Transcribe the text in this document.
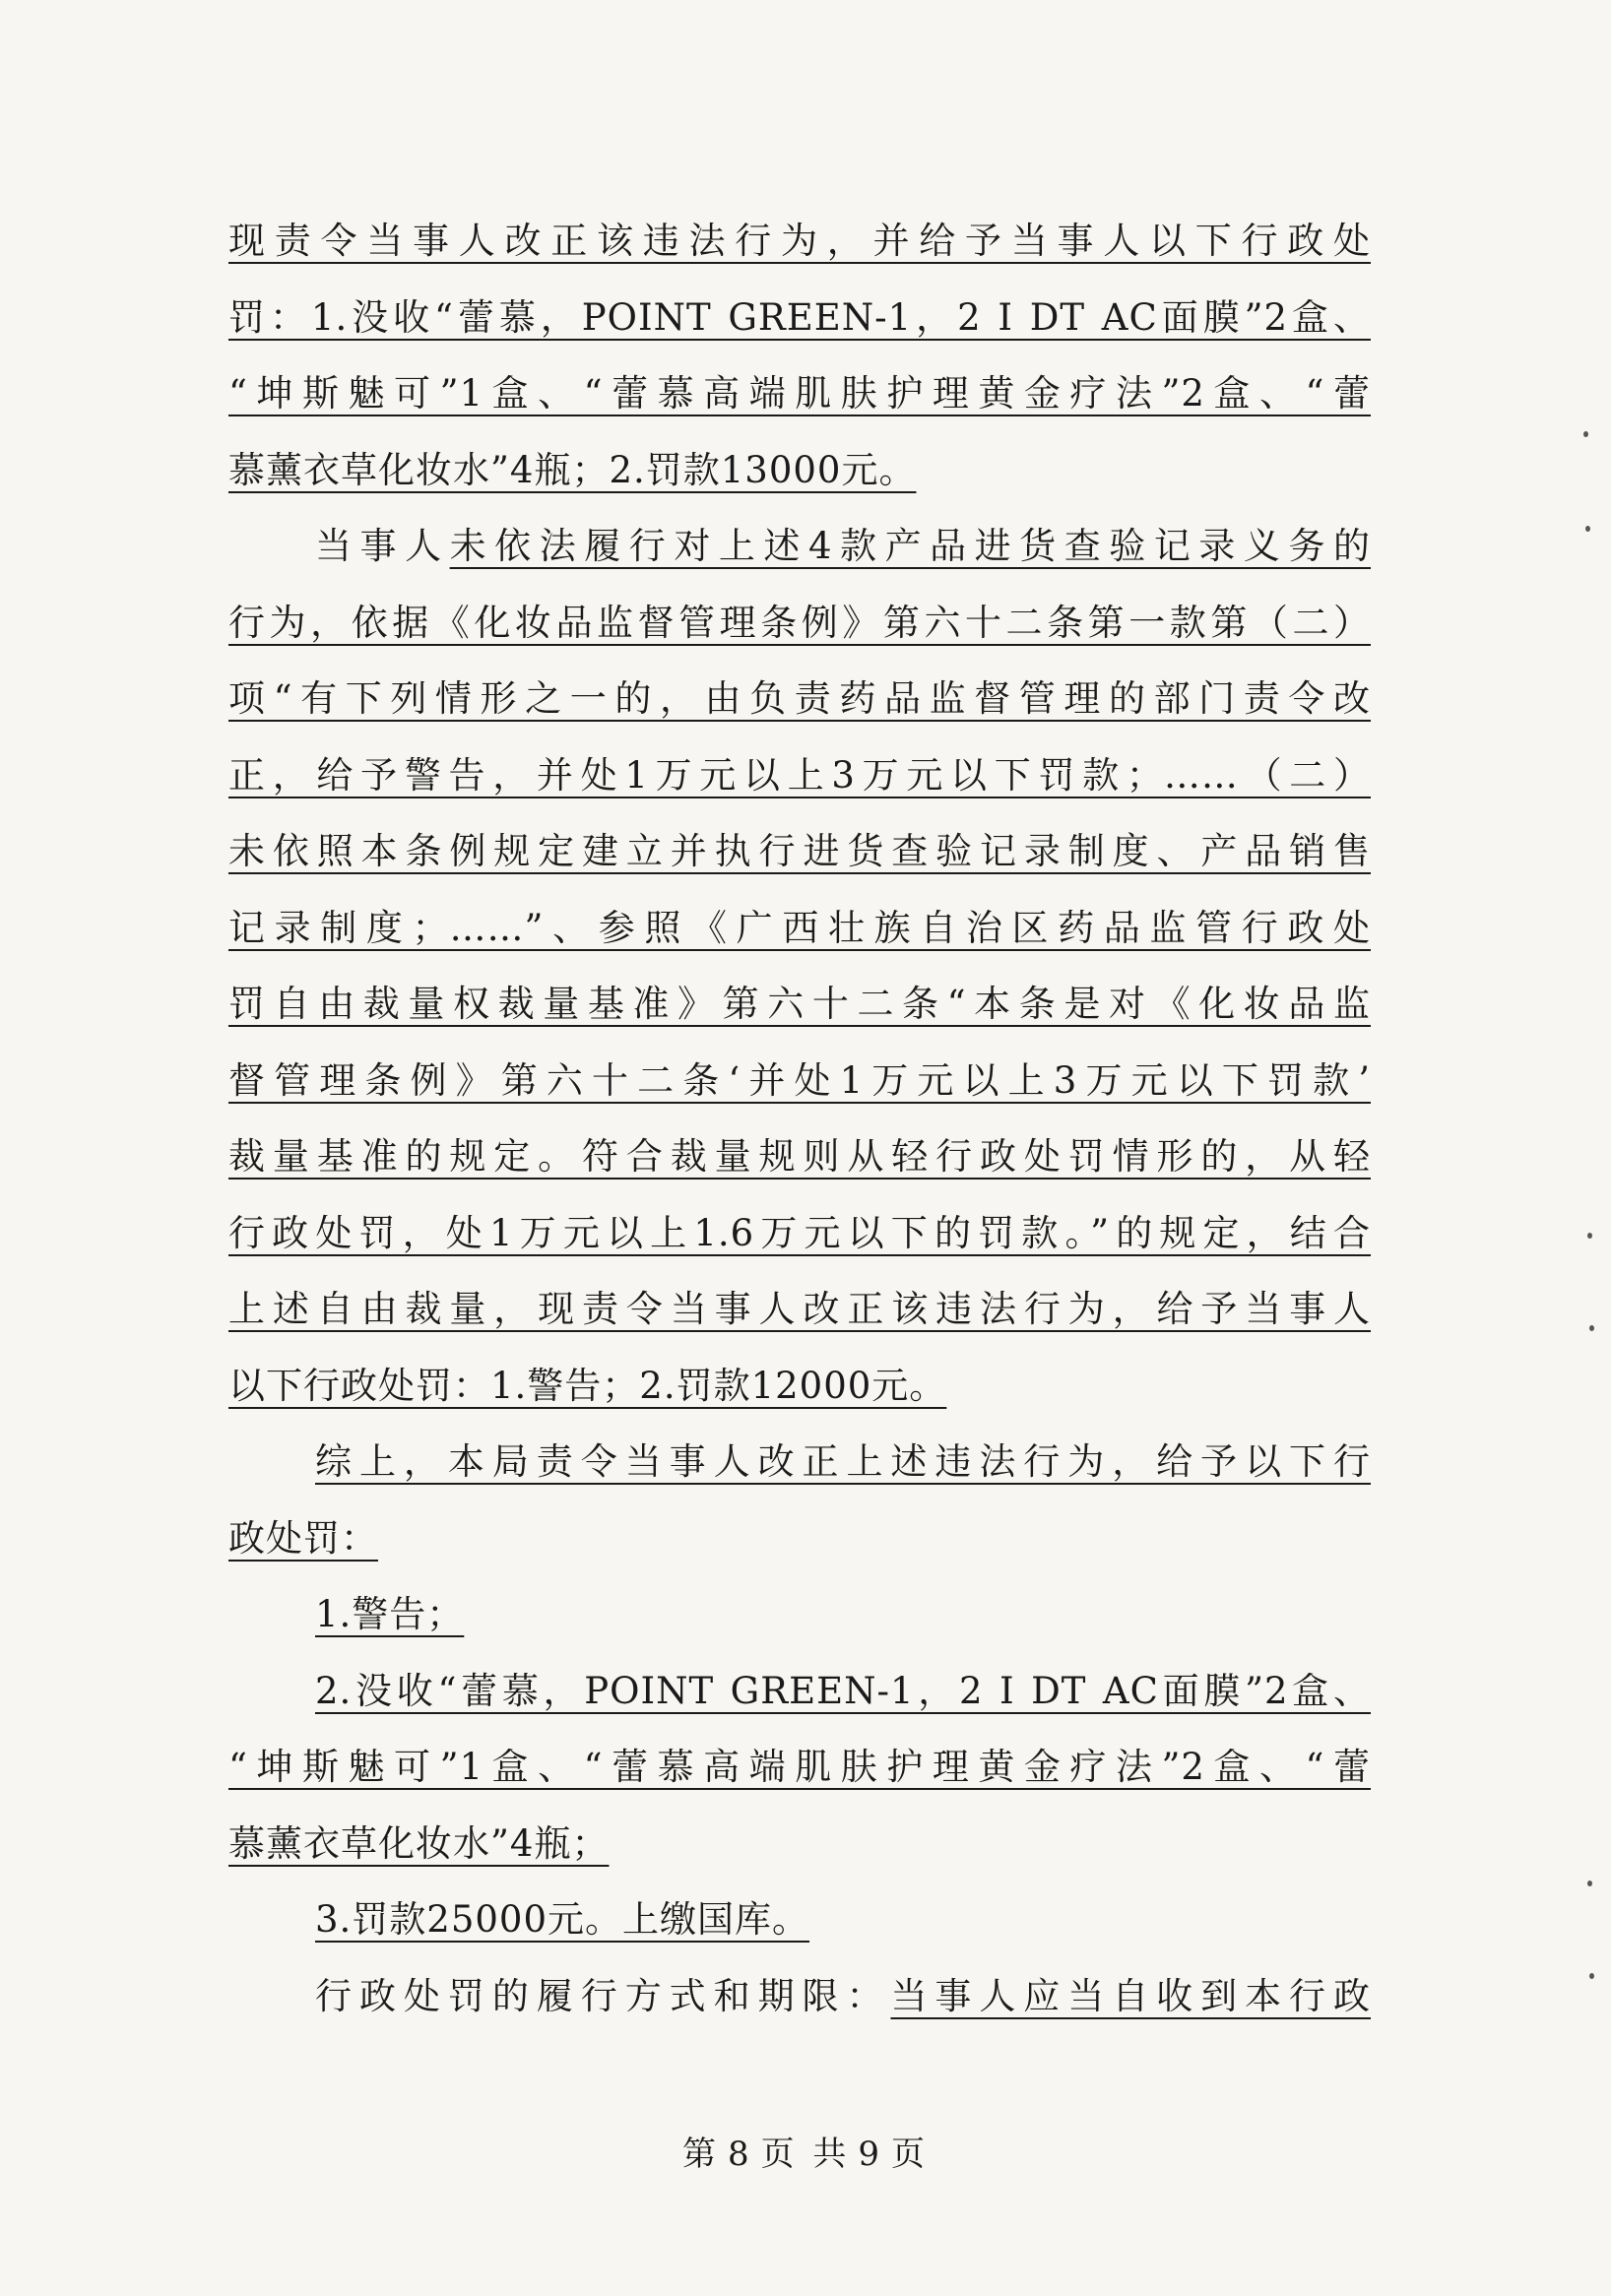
现责令当事人改正该违法行为，并给予当事人以下行政处
罚：1.没收“蕾慕，POINT GREEN-1，2 I DT AC面膜”2盒、
“坤斯魅可”1盒、“蕾慕高端肌肤护理黄金疗法”2盒、“蕾
慕薰衣草化妆水”4瓶；2.罚款13000元。
当事人未依法履行对上述4款产品进货查验记录义务的
行为，依据《化妆品监督管理条例》第六十二条第一款第（二）
项“有下列情形之一的，由负责药品监督管理的部门责令改
正，给予警告，并处1万元以上3万元以下罚款；……（二）
未依照本条例规定建立并执行进货查验记录制度、产品销售
记录制度；……”、参照《广西壮族自治区药品监管行政处
罚自由裁量权裁量基准》第六十二条“本条是对《化妆品监
督管理条例》第六十二条‘并处1万元以上3万元以下罚款’
裁量基准的规定。符合裁量规则从轻行政处罚情形的，从轻
行政处罚，处1万元以上1.6万元以下的罚款。”的规定，结合
上述自由裁量，现责令当事人改正该违法行为，给予当事人
以下行政处罚：1.警告；2.罚款12000元。
综上，本局责令当事人改正上述违法行为，给予以下行
政处罚：
1.警告；
2.没收“蕾慕，POINT GREEN-1，2 I DT AC面膜”2盒、
“坤斯魅可”1盒、“蕾慕高端肌肤护理黄金疗法”2盒、“蕾
慕薰衣草化妆水”4瓶；
3.罚款25000元。上缴国库。
行政处罚的履行方式和期限：当事人应当自收到本行政
第 8 页 共 9 页
